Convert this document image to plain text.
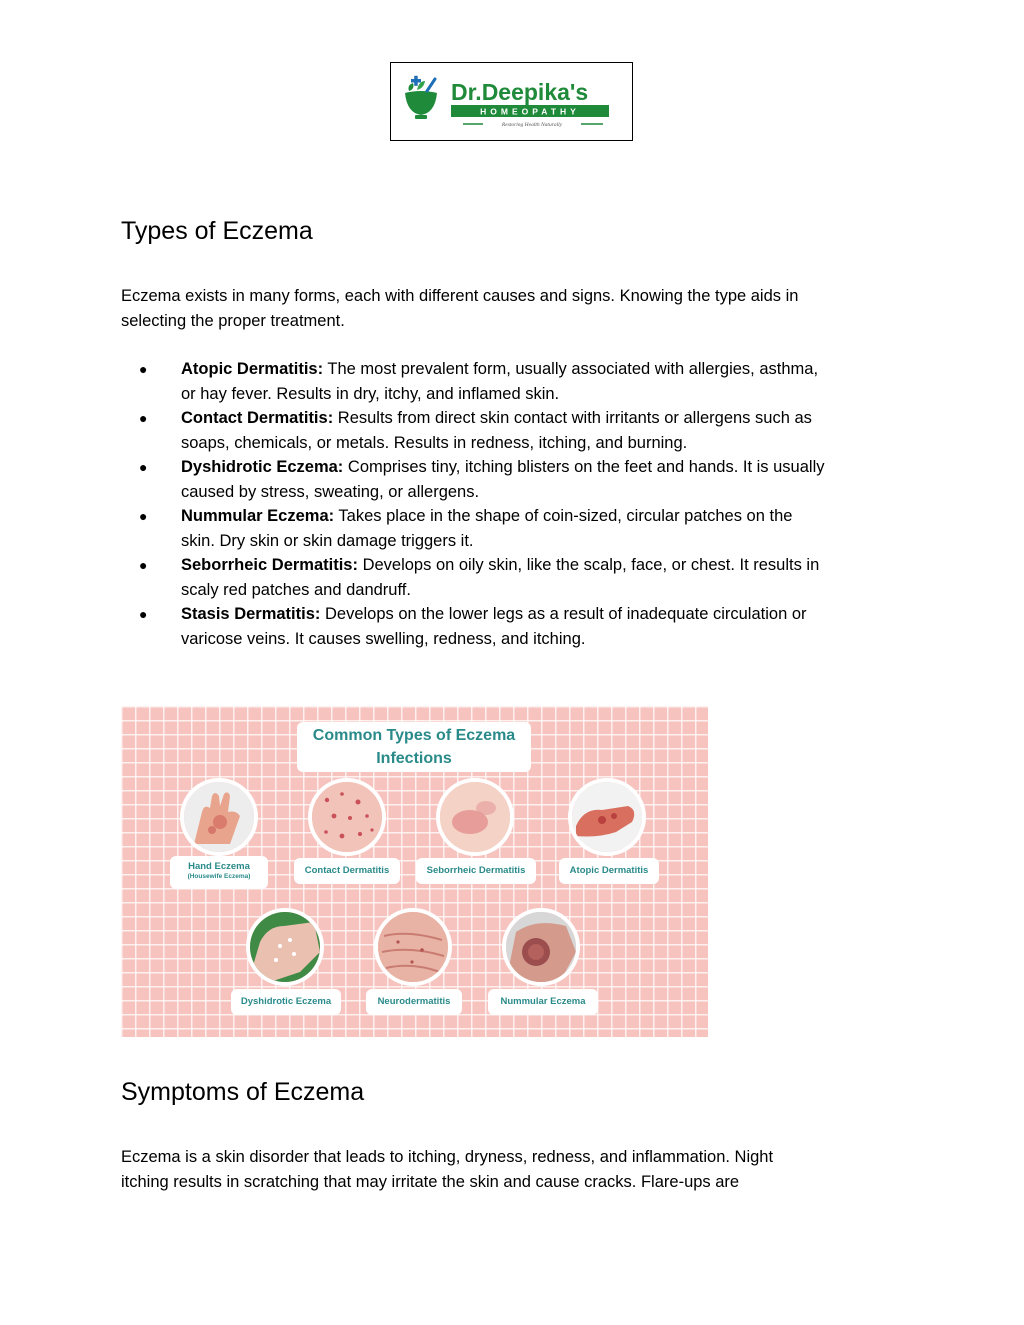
Dr.Deepika's
HOMEOPATHY
Restoring Health Naturally
Types of Eczema

Eczema exists in many forms, each with different causes and signs. Knowing the type aids in
selecting the proper treatment.

● Atopic Dermatitis: The most prevalent form, usually associated with allergies, asthma,
or hay fever. Results in dry, itchy, and inflamed skin.
● Contact Dermatitis: Results from direct skin contact with irritants or allergens such as
soaps, chemicals, or metals. Results in redness, itching, and burning.
● Dyshidrotic Eczema: Comprises tiny, itching blisters on the feet and hands. It is usually
caused by stress, sweating, or allergens.
● Nummular Eczema: Takes place in the shape of coin-sized, circular patches on the
skin. Dry skin or skin damage triggers it.
● Seborrheic Dermatitis: Develops on oily skin, like the scalp, face, or chest. It results in
scaly red patches and dandruff.
● Stasis Dermatitis: Develops on the lower legs as a result of inadequate circulation or
varicose veins. It causes swelling, redness, and itching.
Common Types of Eczema
Infections
Hand Eczema
(Housewife Eczema)
Contact Dermatitis	Seborrheic Dermatitis	Atopic Dermatitis
Dyshidrotic Eczema	Neurodermatitis	Nummular Eczema
Symptoms of Eczema

Eczema is a skin disorder that leads to itching, dryness, redness, and inflammation. Night
itching results in scratching that may irritate the skin and cause cracks. Flare-ups are
